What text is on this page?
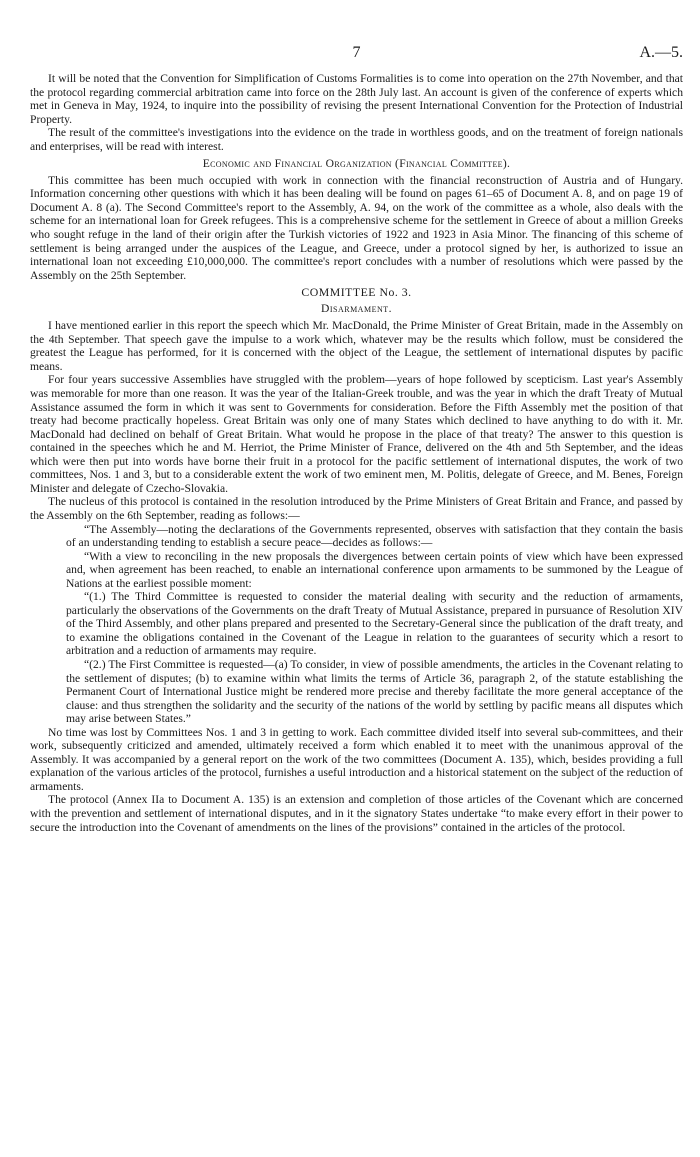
7	A.—5.

It will be noted that the Convention for Simplification of Customs Formalities is to come into operation on the 27th November, and that the protocol regarding commercial arbitration came into force on the 28th July last. An account is given of the conference of experts which met in Geneva in May, 1924, to inquire into the possibility of revising the present International Convention for the Protection of Industrial Property.

The result of the committee's investigations into the evidence on the trade in worthless goods, and on the treatment of foreign nationals and enterprises, will be read with interest.

Economic and Financial Organization (Financial Committee).

This committee has been much occupied with work in connection with the financial reconstruction of Austria and of Hungary. Information concerning other questions with which it has been dealing will be found on pages 61–65 of Document A. 8, and on page 19 of Document A. 8 (a). The Second Committee's report to the Assembly, A. 94, on the work of the committee as a whole, also deals with the scheme for an international loan for Greek refugees. This is a comprehensive scheme for the settlement in Greece of about a million Greeks who sought refuge in the land of their origin after the Turkish victories of 1922 and 1923 in Asia Minor. The financing of this scheme of settlement is being arranged under the auspices of the League, and Greece, under a protocol signed by her, is authorized to issue an international loan not exceeding £10,000,000. The committee's report concludes with a number of resolutions which were passed by the Assembly on the 25th September.

COMMITTEE No. 3.
Disarmament.

I have mentioned earlier in this report the speech which Mr. MacDonald, the Prime Minister of Great Britain, made in the Assembly on the 4th September. That speech gave the impulse to a work which, whatever may be the results which follow, must be considered the greatest the League has performed, for it is concerned with the object of the League, the settlement of international disputes by pacific means.

For four years successive Assemblies have struggled with the problem—years of hope followed by scepticism. Last year's Assembly was memorable for more than one reason. It was the year of the Italian-Greek trouble, and was the year in which the draft Treaty of Mutual Assistance assumed the form in which it was sent to Governments for consideration. Before the Fifth Assembly met the position of that treaty had become practically hopeless. Great Britain was only one of many States which declined to have anything to do with it. Mr. MacDonald had declined on behalf of Great Britain. What would he propose in the place of that treaty? The answer to this question is contained in the speeches which he and M. Herriot, the Prime Minister of France, delivered on the 4th and 5th September, and the ideas which were then put into words have borne their fruit in a protocol for the pacific settlement of international disputes, the work of two committees, Nos. 1 and 3, but to a considerable extent the work of two eminent men, M. Politis, delegate of Greece, and M. Benes, Foreign Minister and delegate of Czecho-Slovakia.

The nucleus of this protocol is contained in the resolution introduced by the Prime Ministers of Great Britain and France, and passed by the Assembly on the 6th September, reading as follows:—

“The Assembly—noting the declarations of the Governments represented, observes with satisfaction that they contain the basis of an understanding tending to establish a secure peace—decides as follows:—

“With a view to reconciling in the new proposals the divergences between certain points of view which have been expressed and, when agreement has been reached, to enable an international conference upon armaments to be summoned by the League of Nations at the earliest possible moment:

“(1.) The Third Committee is requested to consider the material dealing with security and the reduction of armaments, particularly the observations of the Governments on the draft Treaty of Mutual Assistance, prepared in pursuance of Resolution XIV of the Third Assembly, and other plans prepared and presented to the Secretary-General since the publication of the draft treaty, and to examine the obligations contained in the Covenant of the League in relation to the guarantees of security which a resort to arbitration and a reduction of armaments may require.

“(2.) The First Committee is requested—(a) To consider, in view of possible amendments, the articles in the Covenant relating to the settlement of disputes; (b) to examine within what limits the terms of Article 36, paragraph 2, of the statute establishing the Permanent Court of International Justice might be rendered more precise and thereby facilitate the more general acceptance of the clause: and thus strengthen the solidarity and the security of the nations of the world by settling by pacific means all disputes which may arise between States.”

No time was lost by Committees Nos. 1 and 3 in getting to work. Each committee divided itself into several sub-committees, and their work, subsequently criticized and amended, ultimately received a form which enabled it to meet with the unanimous approval of the Assembly. It was accompanied by a general report on the work of the two committees (Document A. 135), which, besides providing a full explanation of the various articles of the protocol, furnishes a useful introduction and a historical statement on the subject of the reduction of armaments.

The protocol (Annex IIa to Document A. 135) is an extension and completion of those articles of the Covenant which are concerned with the prevention and settlement of international disputes, and in it the signatory States undertake “to make every effort in their power to secure the introduction into the Covenant of amendments on the lines of the provisions” contained in the articles of the protocol.
